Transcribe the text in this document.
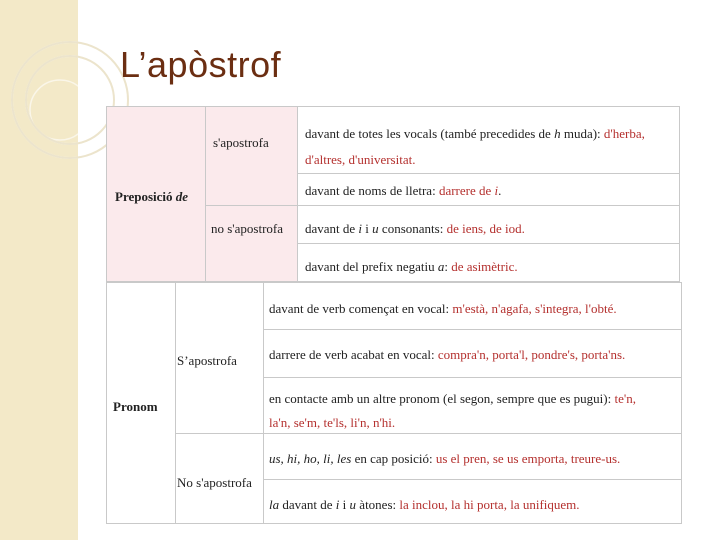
L’apòstrof
Preposició de
s'apostrofa
no s'apostrofa
davant de totes les vocals (també precedides de h muda): d'herba,
d'altres, d'universitat.
davant de noms de lletra: darrere de i.
davant de i i u consonants: de iens, de iod.
davant del prefix negatiu a: de asimètric.
Pronom
S’apostrofa
No s'apostrofa
davant de verb començat en vocal: m'està, n'agafa, s'integra, l'obté.
darrere de verb acabat en vocal: compra'n, porta'l, pondre's, porta'ns.
en contacte amb un altre pronom (el segon, sempre que es pugui): te'n,
la'n, se'm, te'ls, li'n, n'hi.
us, hi, ho, li, les en cap posició: us el pren, se us emporta, treure-us.
la davant de i i u àtones: la inclou, la hi porta, la unifiquem.
